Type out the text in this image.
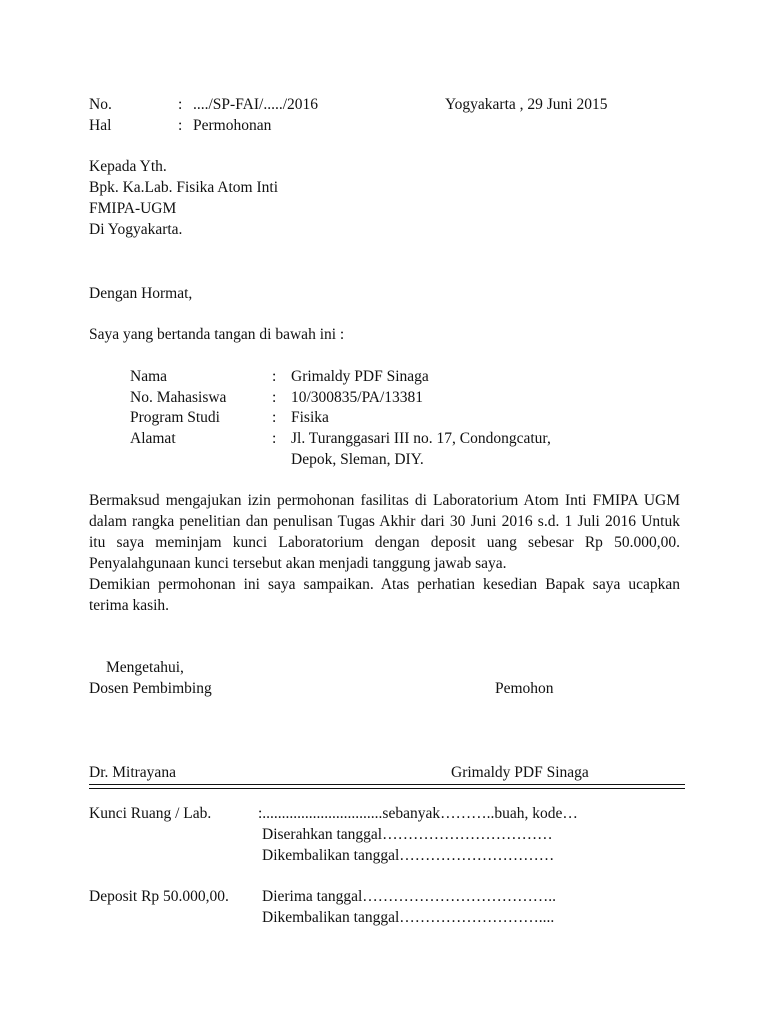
No.	: ..../SP-FAI/...../2016	Yogyakarta , 29 Juni 2015
Hal	: Permohonan
Kepada Yth.
Bpk. Ka.Lab. Fisika Atom Inti
FMIPA-UGM
Di Yogyakarta.
Dengan Hormat,
Saya yang bertanda tangan di bawah ini :
Nama	: Grimaldy PDF Sinaga
No. Mahasiswa	: 10/300835/PA/13381
Program Studi	: Fisika
Alamat	: Jl. Turanggasari III no. 17, Condongcatur,
Depok, Sleman, DIY.

Bermaksud mengajukan izin permohonan fasilitas di Laboratorium Atom Inti FMIPA UGM dalam rangka penelitian dan penulisan Tugas Akhir dari 30 Juni 2016 s.d. 1 Juli 2016 Untuk itu saya meminjam kunci Laboratorium dengan deposit uang sebesar Rp 50.000,00. Penyalahgunaan kunci tersebut akan menjadi tanggung jawab saya.

Demikian permohonan ini saya sampaikan. Atas perhatian kesedian Bapak saya ucapkan terima kasih.

Mengetahui,
Dosen Pembimbing	Pemohon
Dr. Mitrayana	Grimaldy PDF Sinaga
Kunci Ruang / Lab.	:...............................sebanyak………..buah, kode…
Diserahkan tanggal……………………………
Dikembalikan tanggal…………………………
Deposit Rp 50.000,00. Dierima tanggal………………………………..
Dikembalikan tanggal………………………....
